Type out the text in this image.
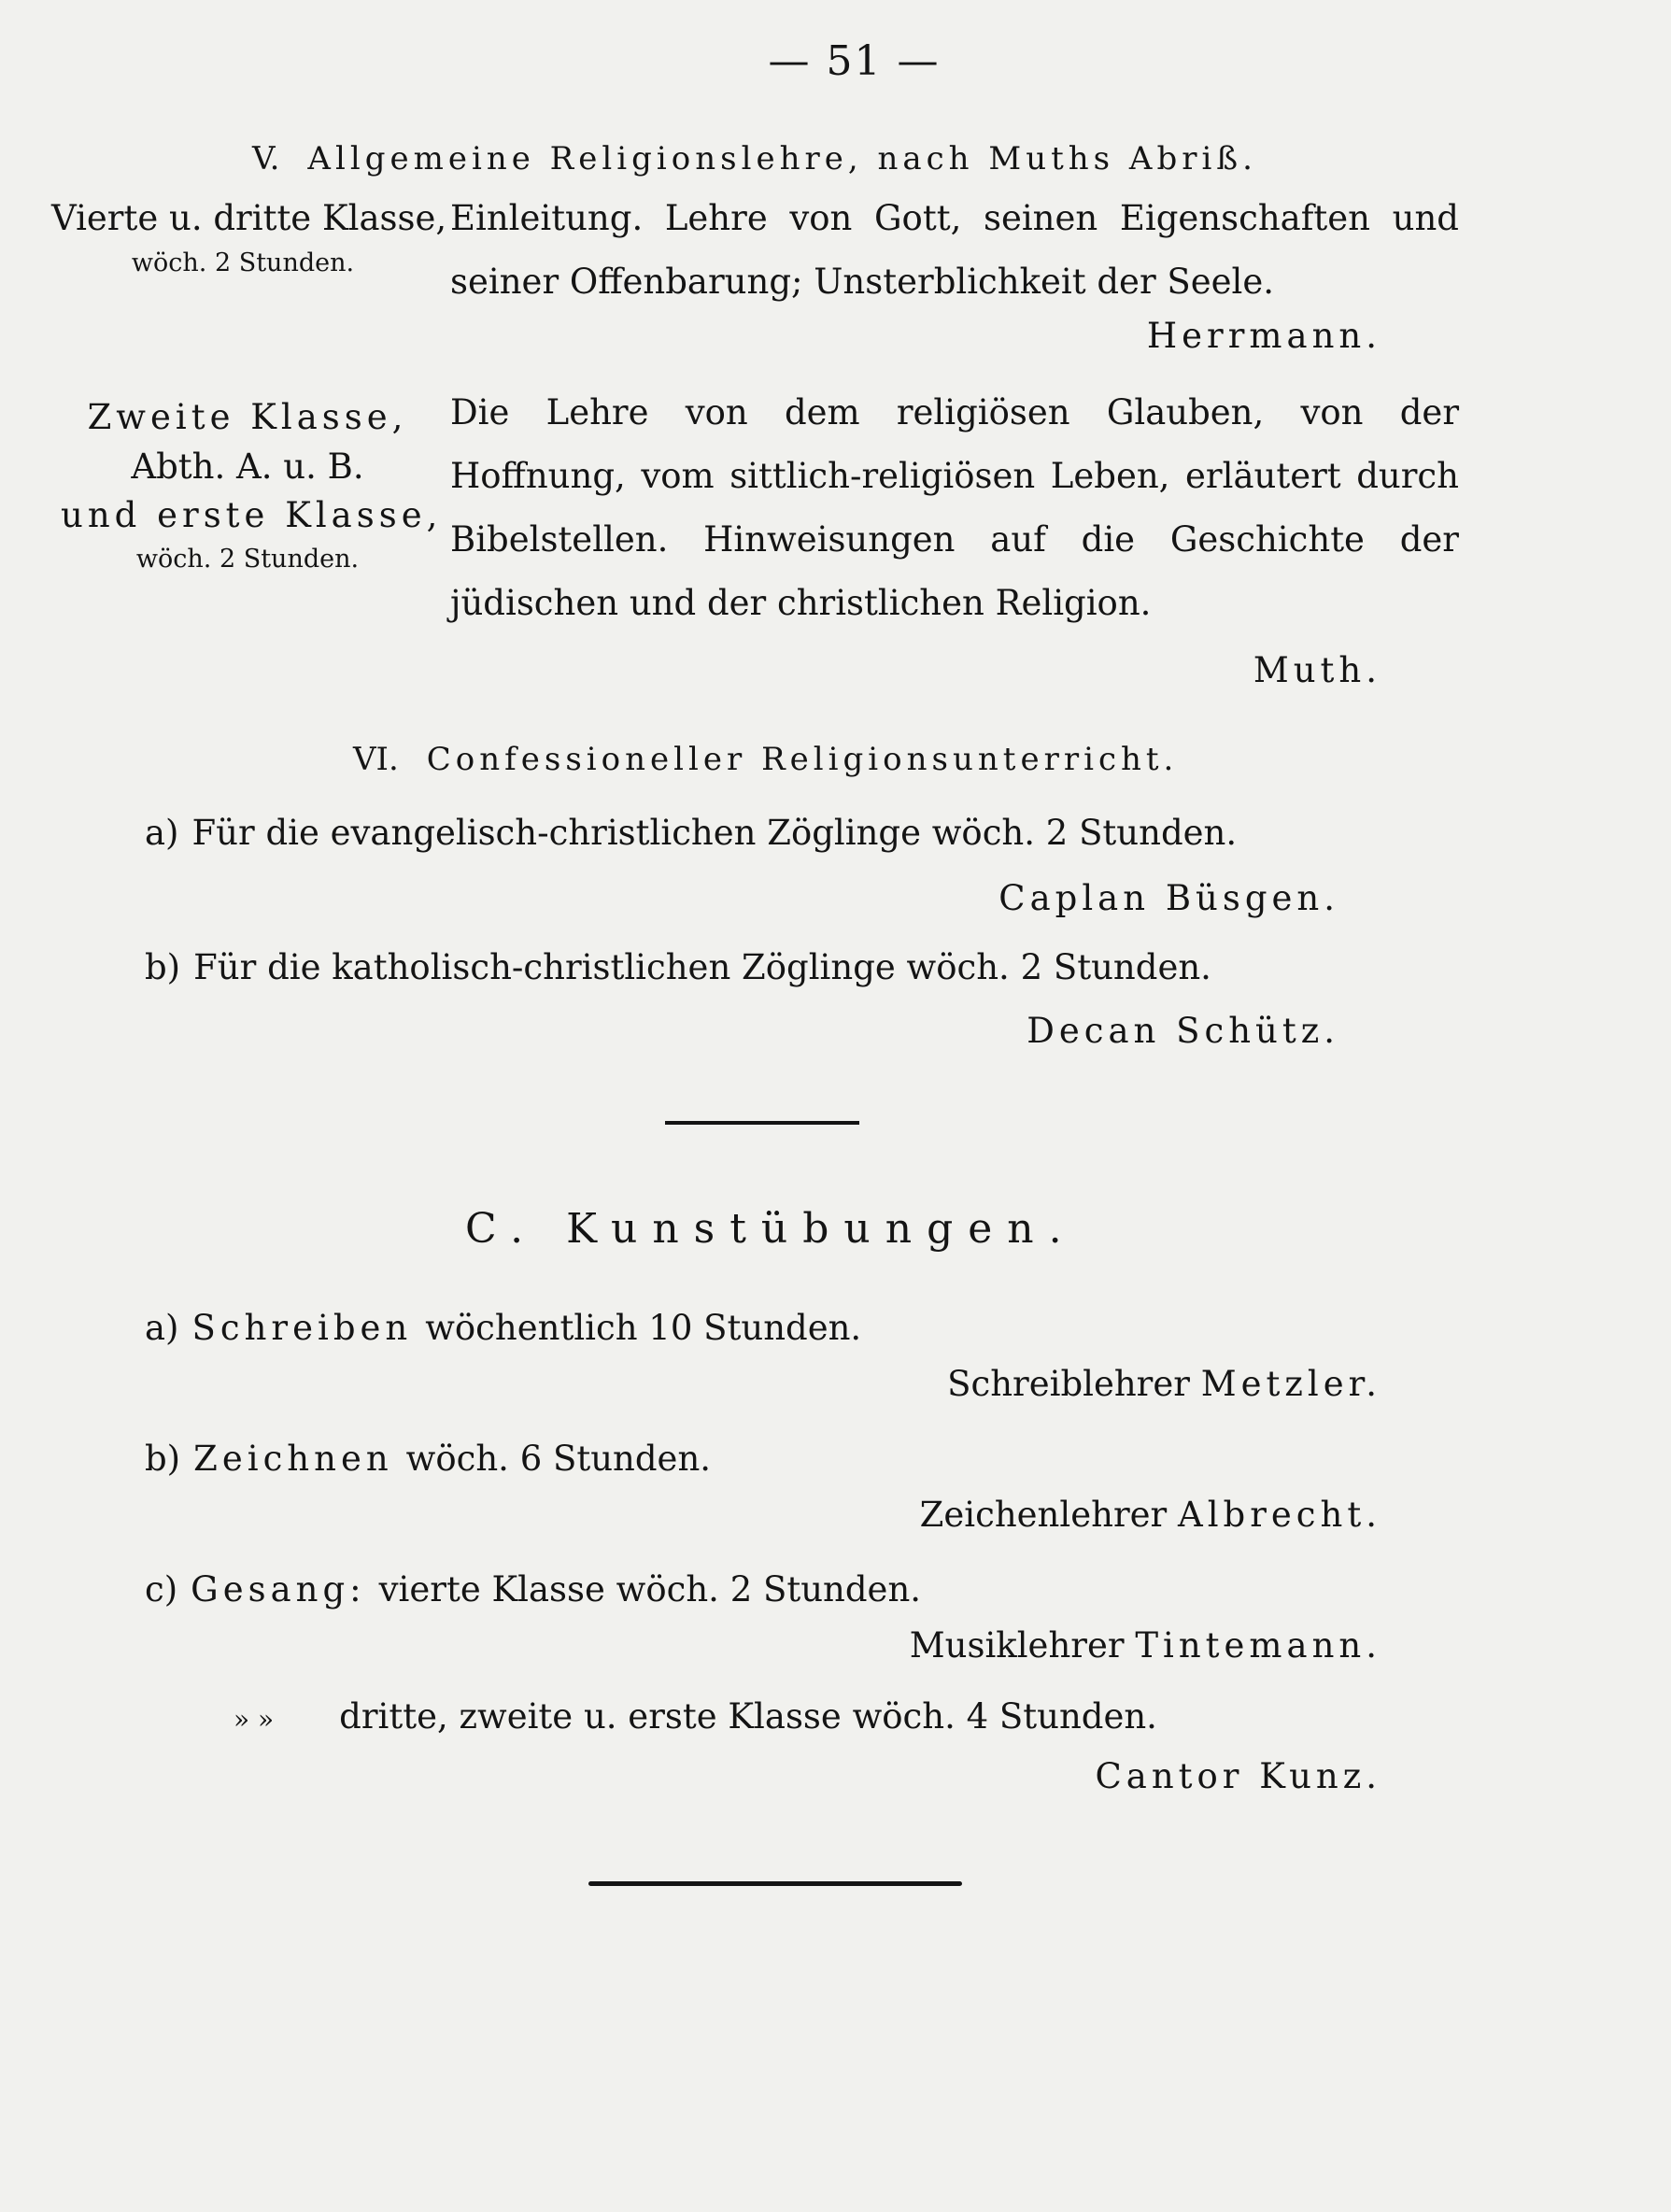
— 51 —
V. Allgemeine Religionslehre, nach Muths Abriß.
Vierte u. dritte Klasse,
wöch. 2 Stunden.
Einleitung. Lehre von Gott, seinen Eigenschaften und seiner Offenbarung; Unsterblichkeit der Seele.
Herrmann.
Zweite Klasse,
Abth. A. u. B.
und erste Klasse,
wöch. 2 Stunden.
Die Lehre von dem religiösen Glauben, von der Hoffnung, vom sittlich-religiösen Leben, erläutert durch Bibelstellen. Hinweisungen auf die Geschichte der jüdischen und der christlichen Religion.
Muth.
VI. Confessioneller Religionsunterricht.
a) Für die evangelisch-christlichen Zöglinge wöch. 2 Stunden.
Caplan Büsgen.
b) Für die katholisch-christlichen Zöglinge wöch. 2 Stunden.
Decan Schütz.
C. Kunstübungen.
a) Schreiben wöchentlich 10 Stunden.
Schreiblehrer Metzler.
b) Zeichnen wöch. 6 Stunden.
Zeichenlehrer Albrecht.
c) Gesang: vierte Klasse wöch. 2 Stunden.
Musiklehrer Tintemann.
» » dritte, zweite u. erste Klasse wöch. 4 Stunden.
Cantor Kunz.
